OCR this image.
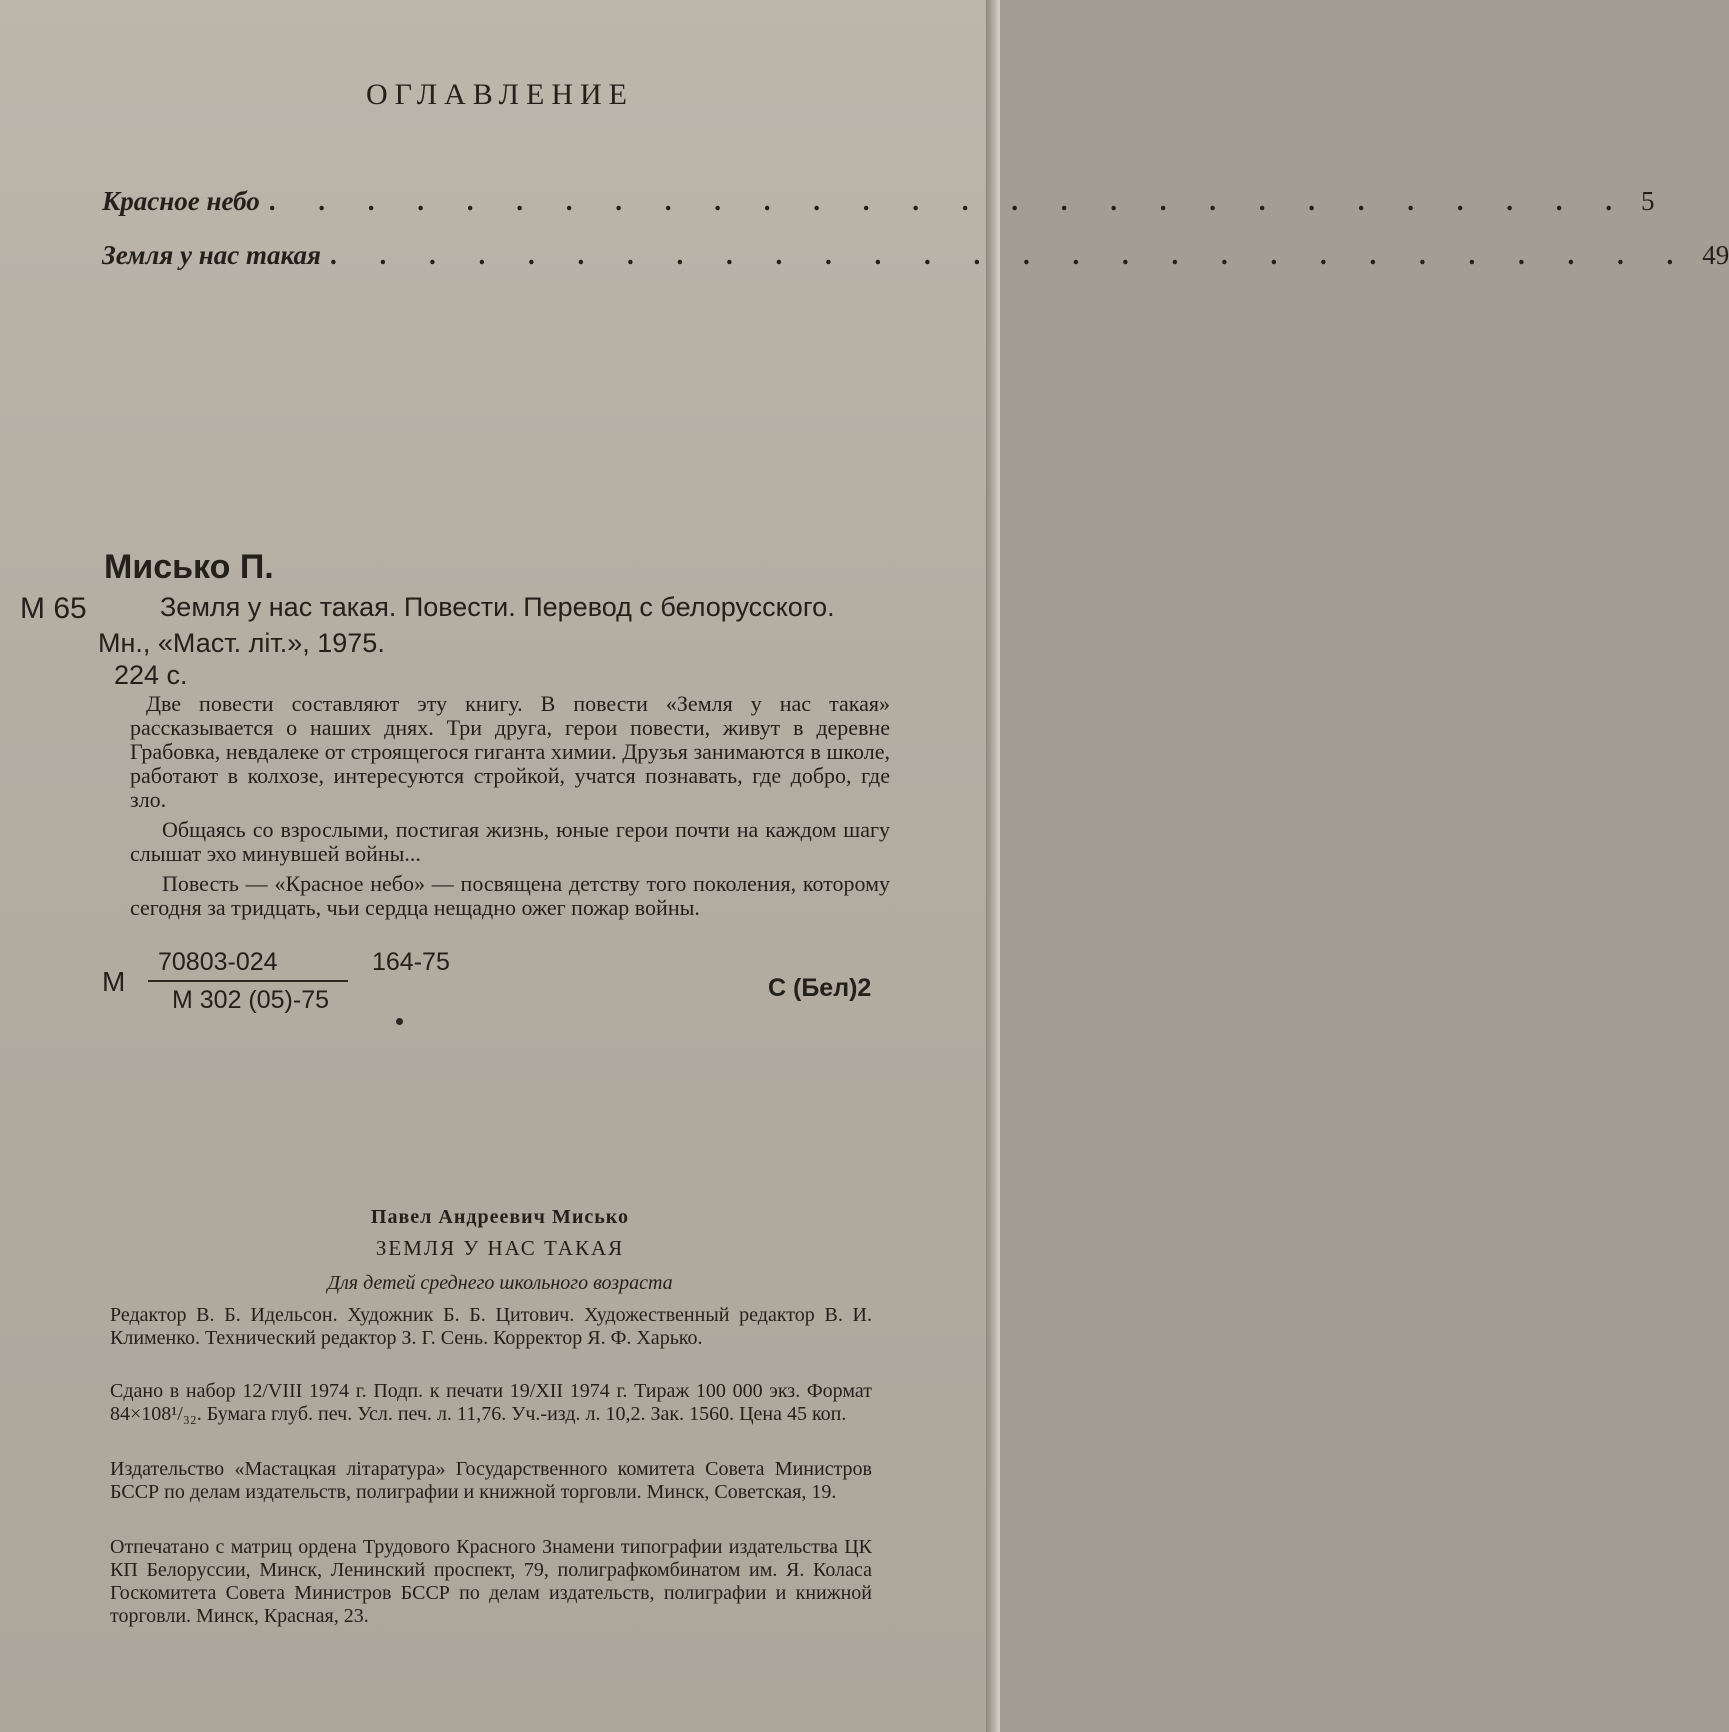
ОГЛАВЛЕНИЕ
Красное небо . . . . . . . . . . . . . . . . . . . . . . . . . . . . 5
Земля у нас такая . . . . . . . . . . . . . . . . . . . . . . . . . . . . 49
Мисько П.
М 65	Земля у нас такая. Повести. Перевод с белорусского.
Мн., «Маст. літ.», 1975.
224 с.

Две повести составляют эту книгу. В повести «Земля у нас такая» рассказывается о наших днях. Три друга, герои повести, живут в деревне Грабовка, невдалеке от строящегося гиганта химии. Друзья занимаются в школе, работают в колхозе, интересуются стройкой, учатся познавать, где добро, где зло.

Общаясь со взрослыми, постигая жизнь, юные герои почти на каждом шагу слышат эхо минувшей войны...

Повесть — «Красное небо» — посвящена детству того поколения, которому сегодня за тридцать, чьи сердца нещадно ожег пожар войны.

М
70803-024	164-75
М 302 (05)-75	С (Бел)2
Павел Андреевич Мисько
ЗЕМЛЯ У НАС ТАКАЯ
Для детей среднего школьного возраста

Редактор В. Б. Идельсон. Художник Б. Б. Цитович. Художественный редактор В. И. Клименко. Технический редактор З. Г. Сень. Корректор Я. Ф. Харько.

Сдано в набор 12/VIII 1974 г. Подп. к печати 19/XII 1974 г. Тираж 100 000 экз. Формат 84×108¹/₃₂. Бумага глуб. печ. Усл. печ. л. 11,76. Уч.-изд. л. 10,2. Зак. 1560. Цена 45 коп.

Издательство «Мастацкая літаратура» Государственного комитета Совета Министров БССР по делам издательств, полиграфии и книжной торговли. Минск, Советская, 19.

Отпечатано с матриц ордена Трудового Красного Знамени типографии издательства ЦК КП Белоруссии, Минск, Ленинский проспект, 79, полиграфкомбинатом им. Я. Коласа Госкомитета Совета Министров БССР по делам издательств, полиграфии и книжной торговли. Минск, Красная, 23.
